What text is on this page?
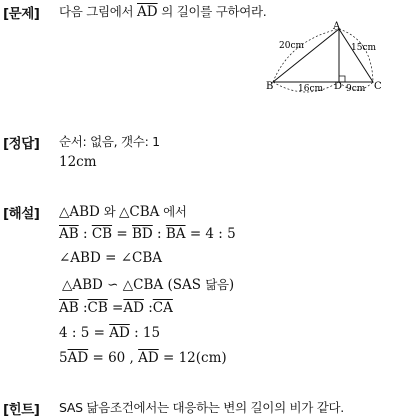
[문제] 다음 그림에서 $\overline{AD}$ 의 길이를 구하여라.
A
B	C
D
20cm	15cm
16cm	9cm
[정답] 순서: 없음, 갯수: 1
12cm
[해설] △ABD 와 △CBA 에서
$\overline{AB}$ : $\overline{CB} = \overline{BD}$ : $\overline{BA} = 4$ : 5
∠ABD = ∠CBA
△ABD ∽ △CBA (SAS 닮음)
$\overline{AB}$ $:\overline{CB} =\overline{AD}$ $:\overline{CA}$
4 : $5 = \overline{AD}$ : 15
$5\overline{AD} = 60$ , $\overline{AD} = 12(cm)$
[힌트] SAS 닮음조건에서는 대응하는 변의 길이의 비가 같다.
